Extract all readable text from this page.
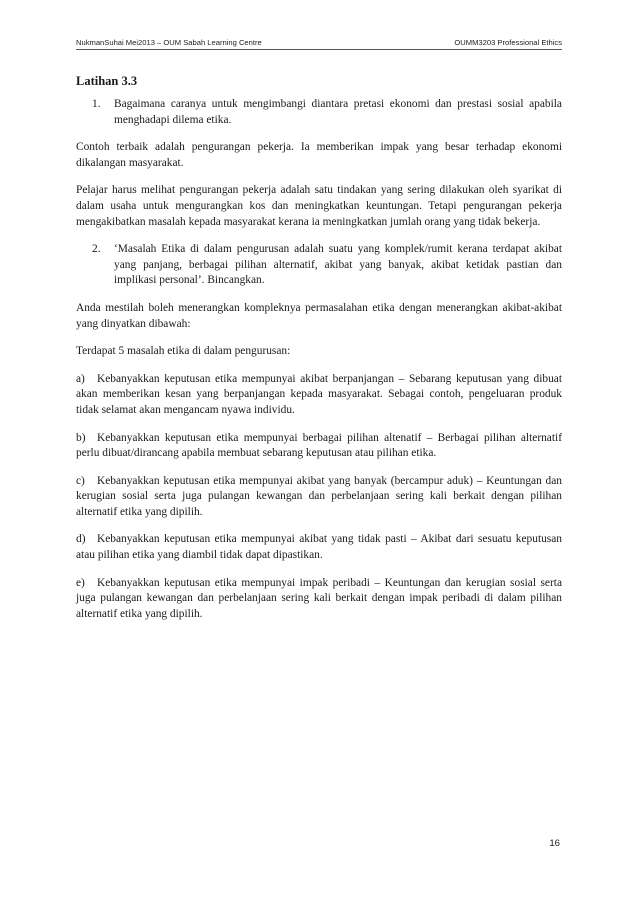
NukmanSuhai Mei2013 – OUM Sabah Learning Centre	OUMM3203 Professional Ethics
Latihan 3.3
1.	Bagaimana caranya untuk mengimbangi diantara pretasi ekonomi dan prestasi sosial apabila menghadapi dilema etika.

Contoh terbaik adalah pengurangan pekerja. Ia memberikan impak yang besar terhadap ekonomi dikalangan masyarakat.

Pelajar harus melihat pengurangan pekerja adalah satu tindakan yang sering dilakukan oleh syarikat di dalam usaha untuk mengurangkan kos dan meningkatkan keuntungan. Tetapi pengurangan pekerja mengakibatkan masalah kepada masyarakat kerana ia meningkatkan jumlah orang yang tidak bekerja.

2.	‘Masalah Etika di dalam pengurusan adalah suatu yang komplek/rumit kerana terdapat akibat yang panjang, berbagai pilihan alternatif, akibat yang banyak, akibat ketidak pastian dan implikasi personal’. Bincangkan.

Anda mestilah boleh menerangkan kompleknya permasalahan etika dengan menerangkan akibat-akibat yang dinyatkan dibawah:

Terdapat 5 masalah etika di dalam pengurusan:

a) Kebanyakkan keputusan etika mempunyai akibat berpanjangan – Sebarang keputusan yang dibuat akan memberikan kesan yang berpanjangan kepada masyarakat. Sebagai contoh, pengeluaran produk tidak selamat akan mengancam nyawa individu.

b) Kebanyakkan keputusan etika mempunyai berbagai pilihan altenatif – Berbagai pilihan alternatif perlu dibuat/dirancang apabila membuat sebarang keputusan atau pilihan etika.

c) Kebanyakkan keputusan etika mempunyai akibat yang banyak (bercampur aduk) – Keuntungan dan kerugian sosial serta juga pulangan kewangan dan perbelanjaan sering kali berkait dengan pilihan alternatif etika yang dipilih.

d) Kebanyakkan keputusan etika mempunyai akibat yang tidak pasti – Akibat dari sesuatu keputusan atau pilihan etika yang diambil tidak dapat dipastikan.

e) Kebanyakkan keputusan etika mempunyai impak peribadi – Keuntungan dan kerugian sosial serta juga pulangan kewangan dan perbelanjaan sering kali berkait dengan impak peribadi di dalam pilihan alternatif etika yang dipilih.

16
